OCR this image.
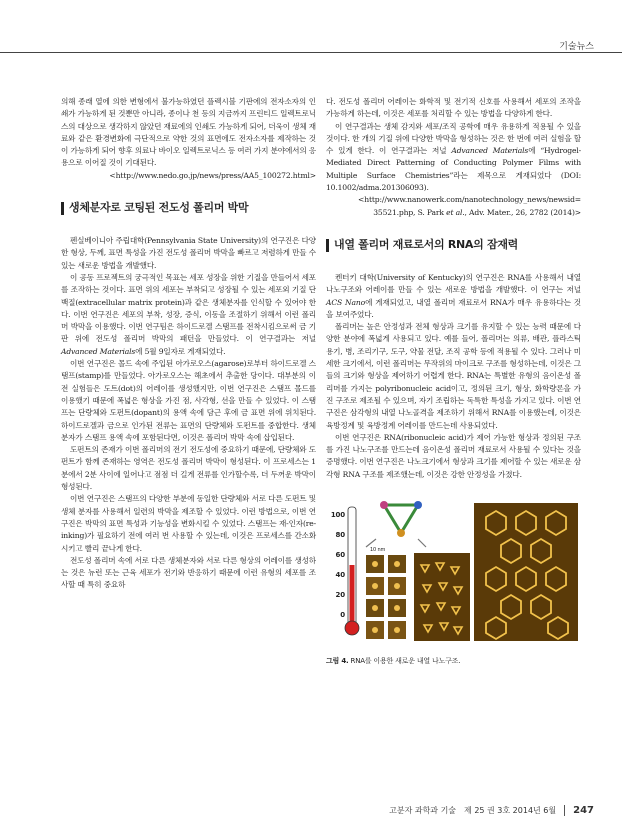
기술뉴스

의해 종래 열에 의한 변형에서 불가능하였던 플렉시블 기판에의 전자소자의 인쇄가 가능하게 된 것뿐만 아니라, 종이나 천 등의 지금까지 프린티드 일렉트로닉스의 대상으로 생각하지 않았던 재료에의 인쇄도 가능하게 되어, 더욱이 생체 재료와 같은 환경변화에 극단적으로 약한 것의 표면에도 전자소자를 제작하는 것이 가능하게 되어 향후 의료나 바이오 일렉트로닉스 등 여러 가지 분야에서의 응용으로 이어질 것이 기대된다.

<http://www.nedo.go.jp/news/press/AA5_100272.html>

생체분자로 코팅된 전도성 폴리머 박막

펜실베이니아 주립대학(Pennsylvania State University)의 연구진은 다양한 형상, 두께, 표면 특성을 가진 전도성 폴리머 박막을 빠르고 저렴하게 만들 수 있는 새로운 방법을 개발했다.

이 공동 프로젝트의 궁극적인 목표는 세포 성장을 위한 기질을 만들어서 세포를 조작하는 것이다. 표면 위의 세포는 부착되고 성장될 수 있는 세포외 기질 단백질(extracellular matrix protein)과 같은 생체분자를 인식할 수 있어야 한다. 이번 연구진은 세포의 부착, 성장, 증식, 이동을 조절하기 위해서 이런 폴리머 박막을 이용했다. 이번 연구팀은 하이드로겔 스탬프를 전착시킴으로써 금 기판 위에 전도성 폴리머 박막의 패턴을 만들었다. 이 연구결과는 저널 Advanced Materials에 5월 9일자로 게재되었다.

이번 연구진은 몰드 속에 주입된 아가로오스(agarose)로부터 하이드로겔 스탬프(stamp)를 만들었다. 아가로오스는 해초에서 추출한 당이다. 대부분의 이전 실험들은 도트(dot)의 어레이를 생성했지만, 이번 연구진은 스탬프 몰드를 이용했기 때문에 폭넓은 형상을 가진 점, 사각형, 선을 만들 수 있었다. 이 스탬프는 단량체와 도펀트(dopant)의 용액 속에 담근 후에 금 표면 위에 위치된다. 하이드로겔과 금으로 인가된 전류는 표면의 단량체와 도펀트를 중합한다. 생체 분자가 스탬프 용액 속에 포함된다면, 이것은 폴리머 박막 속에 삽입된다.

도펀트의 존재가 이번 폴리머의 전기 전도성에 중요하기 때문에, 단량체와 도펀트가 함께 존재하는 영역은 전도성 폴리머 박막이 형성된다. 이 프로세스는 1분에서 2분 사이에 일어나고 점점 더 길게 전류를 인가할수록, 더 두꺼운 박막이 형성된다.

이번 연구진은 스탬프의 다양한 부분에 동일한 단량체와 서로 다른 도펀트 및 생체 분자를 사용해서 일련의 박막을 제조할 수 있었다. 이런 방법으로, 이번 연구진은 박막의 표면 특성과 기능성을 변화시킬 수 있었다. 스탬프는 재-인자(re-inking)가 필요하기 전에 여러 번 사용할 수 있는데, 이것은 프로세스를 간소화시키고 빨리 끝나게 한다.

전도성 폴리머 속에 서로 다른 생체분자와 서로 다른 형상의 어레이를 생성하는 것은 뉴런 또는 근육 세포가 전기와 반응하기 때문에 이런 유형의 세포를 조사할 때 특히 중요하

다. 전도성 폴리머 어레이는 화학적 및 전기적 신호를 사용해서 세포의 조작을 가능하게 하는데, 이것은 세포를 처리할 수 있는 방법을 다양하게 한다.

이 연구결과는 생체 감지와 세포/조직 공학에 매우 유용하게 적용될 수 있을 것이다. 한 개의 기질 위에 다양한 박막을 형성하는 것은 한 번에 여러 실험을 할 수 있게 한다. 이 연구결과는 저널 Advanced Materials에 “Hydrogel-Mediated Direct Patterning of Conducting Polymer Films with Multiple Surface Chemistries”라는 제목으로 게재되었다 (DOI: 10.1002/adma.201306093).

<http://www.nanowerk.com/nanotechnology_news/newsid=

35521.php, S. Park et al., Adv. Mater., 26, 2782 (2014)>

내열 폴리머 재료로서의 RNA의 잠재력

켄터키 대학(University of Kentucky)의 연구진은 RNA를 사용해서 내열 나노구조와 어레이를 만들 수 있는 새로운 방법을 개발했다. 이 연구는 저널 ACS Nano에 게재되었고, 내열 폴리머 재료로서 RNA가 매우 유용하다는 것을 보여주었다.

폴리머는 높은 안정성과 전체 형상과 크기를 유지할 수 있는 능력 때문에 다양한 분야에 폭넓게 사용되고 있다. 예를 들어, 폴리머는 의류, 배관, 플라스틱 용기, 병, 조리기구, 도구, 약물 전달, 조직 공학 등에 적용될 수 있다. 그러나 미세한 크기에서, 이런 폴리머는 무작위의 마이크로 구조를 형성하는데, 이것은 그들의 크기와 형상을 제어하기 어렵게 한다. RNA는 특별한 유형의 음이온성 폴리머를 가지는 polyribonucleic acid이고, 정의된 크기, 형상, 화학량론을 가진 구조로 제조될 수 있으며, 자기 조립하는 독특한 특성을 가지고 있다. 이번 연구진은 삼각형의 내열 나노골격을 제조하기 위해서 RNA를 이용했는데, 이것은 육방정계 및 육방정계 어레이를 만드는데 사용되었다.

이번 연구진은 RNA(ribonucleic acid)가 제어 가능한 형상과 정의된 구조를 가진 나노구조를 만드는데 음이온성 폴리머 재료로서 사용될 수 있다는 것을 증명했다. 이번 연구진은 나노크기에서 형상과 크기를 제어할 수 있는 새로운 삼각형 RNA 구조를 제조했는데, 이것은 강한 안정성을 가졌다.

100
80
60
40
20
0
10 nm
그림 4. RNA를 이용한 새로운 내열 나노구조.
고분자 과학과 기술 제 25 권 3호 2014년 6월	247
